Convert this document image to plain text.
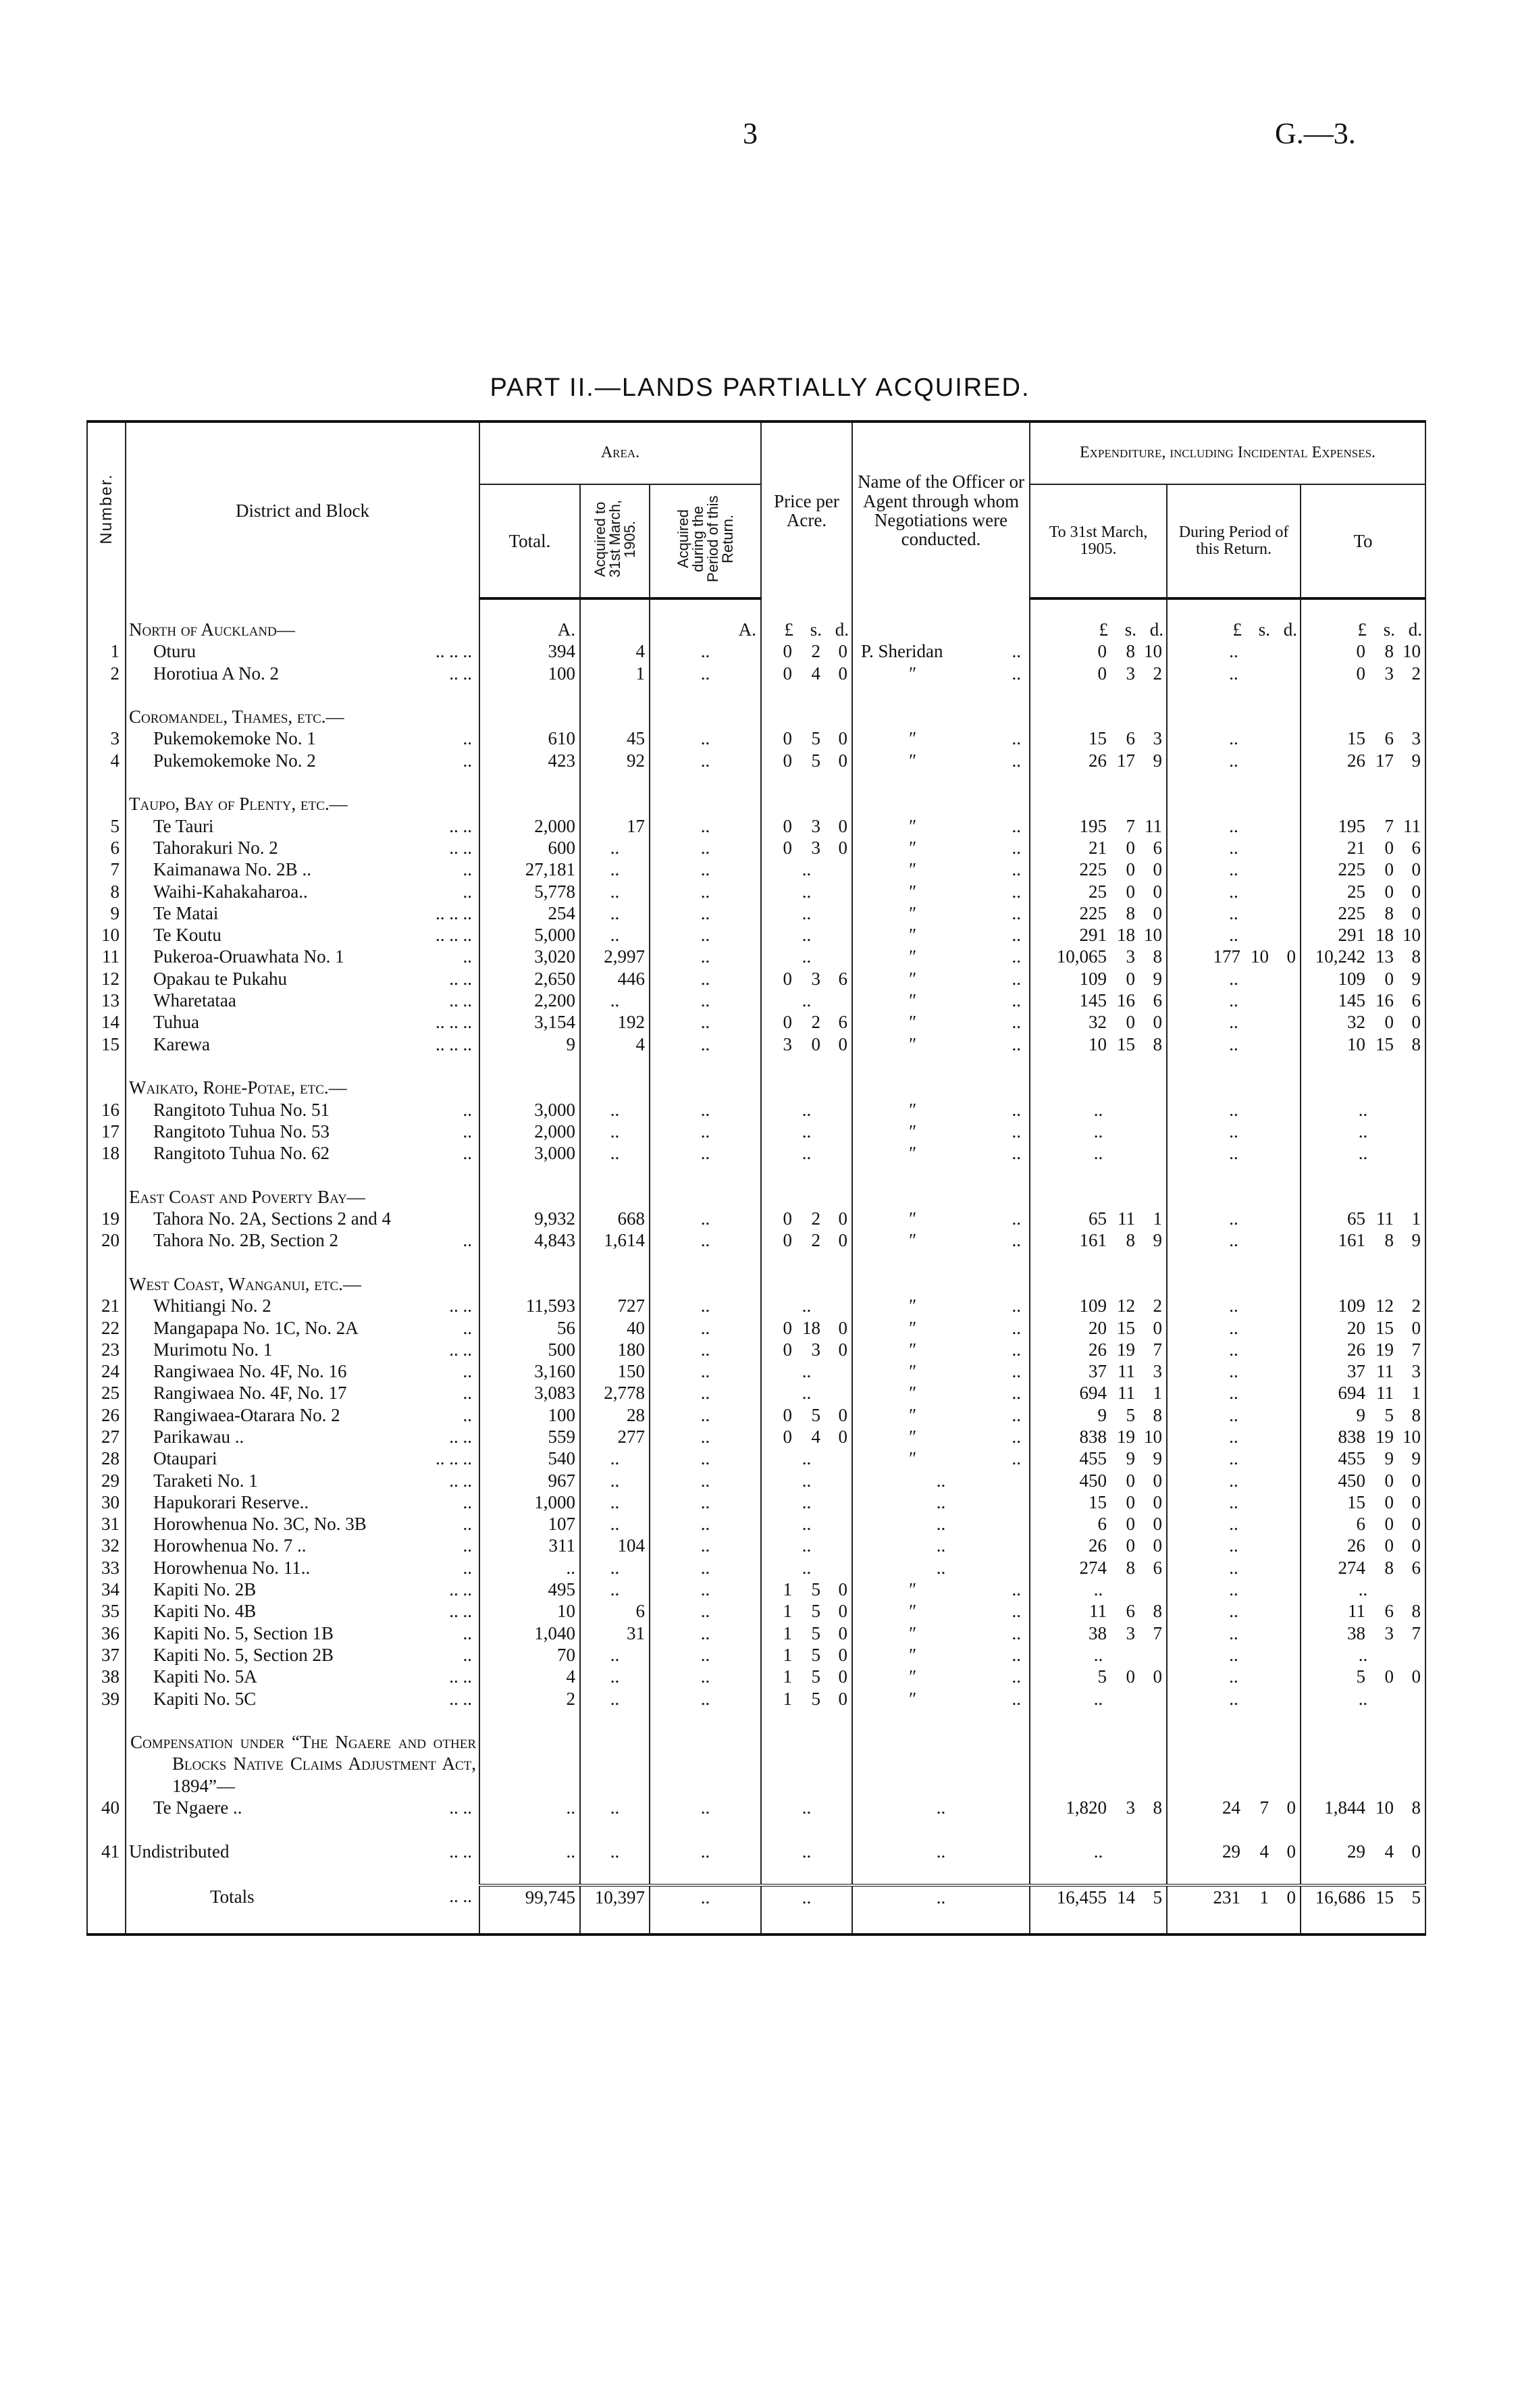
3	G.—3.
PART II.—LANDS PARTIALLY ACQUIRED.
Number.	District and Block	Area.			Price per Acre.	Name of the Officer or Agent through whom Negotiations were conducted.	Expenditure, including Incidental Expenses.		
		Total.	Acquired to 31st March, 1905.	Acquired during the Period of this Return.			To 31st March, 1905.	During Period of this Return.	To

	North of Auckland—	A.		A.	£ s. d.		£ s. d.	£ s. d.	£ s. d.

1	Oturu .. .. ..	394	4	..	0 2 0	P. Sheridan ..	0 8 10	..	0 8 10

2	Horotiua A No. 2 .. ..	100	1	..	0 4 0	″ ..	0 3 2	..	0 3 2

	Coromandel, Thames, etc.—								
3	Pukemokemoke No. 1 ..	610	45	..	0 5 0	″ ..	15 6 3	..	15 6 3

4	Pukemokemoke No. 2 ..	423	92	..	0 5 0	″ ..	26 17 9	..	26 17 9

	Taupo, Bay of Plenty, etc.—								
5	Te Tauri .. ..	2,000	17	..	0 3 0	″ ..	195 7 11	..	195 7 11

6	Tahorakuri No. 2 .. ..	600	..	..	0 3 0	″ ..	21 0 6	..	21 0 6

7	Kaimanawa No. 2B .. ..	27,181	..	..	..	″ ..	225 0 0	..	225 0 0

8	Waihi-Kahakaharoa.. ..	5,778	..	..	..	″ ..	25 0 0	..	25 0 0

9	Te Matai .. .. ..	254	..	..	..	″ ..	225 8 0	..	225 8 0

10	Te Koutu .. .. ..	5,000	..	..	..	″ ..	291 18 10	..	291 18 10

11	Pukeroa-Oruawhata No. 1 ..	3,020	2,997	..	..	″ ..	10,065 3 8	177 10 0	10,242 13 8

12	Opakau te Pukahu .. ..	2,650	446	..	0 3 6	″ ..	109 0 9	..	109 0 9

13	Wharetataa .. ..	2,200	..	..	..	″ ..	145 16 6	..	145 16 6

14	Tuhua .. .. ..	3,154	192	..	0 2 6	″ ..	32 0 0	..	32 0 0

15	Karewa .. .. ..	9	4	..	3 0 0	″ ..	10 15 8	..	10 15 8

	Waikato, Rohe-Potae, etc.—								
16	Rangitoto Tuhua No. 51 ..	3,000	..	..	..	″ ..	..	..	..
17	Rangitoto Tuhua No. 53 ..	2,000	..	..	..	″ ..	..	..	..
18	Rangitoto Tuhua No. 62 ..	3,000	..	..	..	″ ..	..	..	..

	East Coast and Poverty Bay—								
19	Tahora No. 2A, Sections 2 and 4	9,932	668	..	0 2 0	″ ..	65 11 1	..	65 11 1

20	Tahora No. 2B, Section 2 ..	4,843	1,614	..	0 2 0	″ ..	161 8 9	..	161 8 9

	West Coast, Wanganui, etc.—								
21	Whitiangi No. 2 .. ..	11,593	727	..	..	″ ..	109 12 2	..	109 12 2

22	Mangapapa No. 1C, No. 2A ..	56	40	..	0 18 0	″ ..	20 15 0	..	20 15 0

23	Murimotu No. 1 .. ..	500	180	..	0 3 0	″ ..	26 19 7	..	26 19 7

24	Rangiwaea No. 4F, No. 16 ..	3,160	150	..	..	″ ..	37 11 3	..	37 11 3

25	Rangiwaea No. 4F, No. 17 ..	3,083	2,778	..	..	″ ..	694 11 1	..	694 11 1

26	Rangiwaea-Otarara No. 2 ..	100	28	..	0 5 0	″ ..	9 5 8	..	9 5 8

27	Parikawau .. .. ..	559	277	..	0 4 0	″ ..	838 19 10	..	838 19 10

28	Otaupari .. .. ..	540	..	..	..	″ ..	455 9 9	..	455 9 9

29	Taraketi No. 1 .. ..	967	..	..	..	..	450 0 0	..	450 0 0

30	Hapukorari Reserve.. ..	1,000	..	..	..	..	15 0 0	..	15 0 0

31	Horowhenua No. 3C, No. 3B ..	107	..	..	..	..	6 0 0	..	6 0 0

32	Horowhenua No. 7 .. ..	311	104	..	..	..	26 0 0	..	26 0 0

33	Horowhenua No. 11.. ..	..	..	..	..	..	274 8 6	..	274 8 6

34	Kapiti No. 2B .. ..	495	..	..	1 5 0	″ ..	..	..	..
35	Kapiti No. 4B .. ..	10	6	..	1 5 0	″ ..	11 6 8	..	11 6 8

36	Kapiti No. 5, Section 1B ..	1,040	31	..	1 5 0	″ ..	38 3 7	..	38 3 7

37	Kapiti No. 5, Section 2B ..	70	..	..	1 5 0	″ ..	..	..	..
38	Kapiti No. 5A .. ..	4	..	..	1 5 0	″ ..	5 0 0	..	5 0 0

39	Kapiti No. 5C .. ..	2	..	..	1 5 0	″ ..	..	..	..

	Compensation under “The Ngaere and other Blocks Native Claims Adjustment Act, 1894”—								

40	Te Ngaere .. .. ..	..	..	..	..	..	1,820 3 8	24 7 0	1,844 10 8

41	Undistributed .. ..	..	..	..	..	..	..	29 4 0	29 4 0

	Totals .. ..	99,745	10,397	..	..	..	16,455 14 5	231 1 0	16,686 15 5
